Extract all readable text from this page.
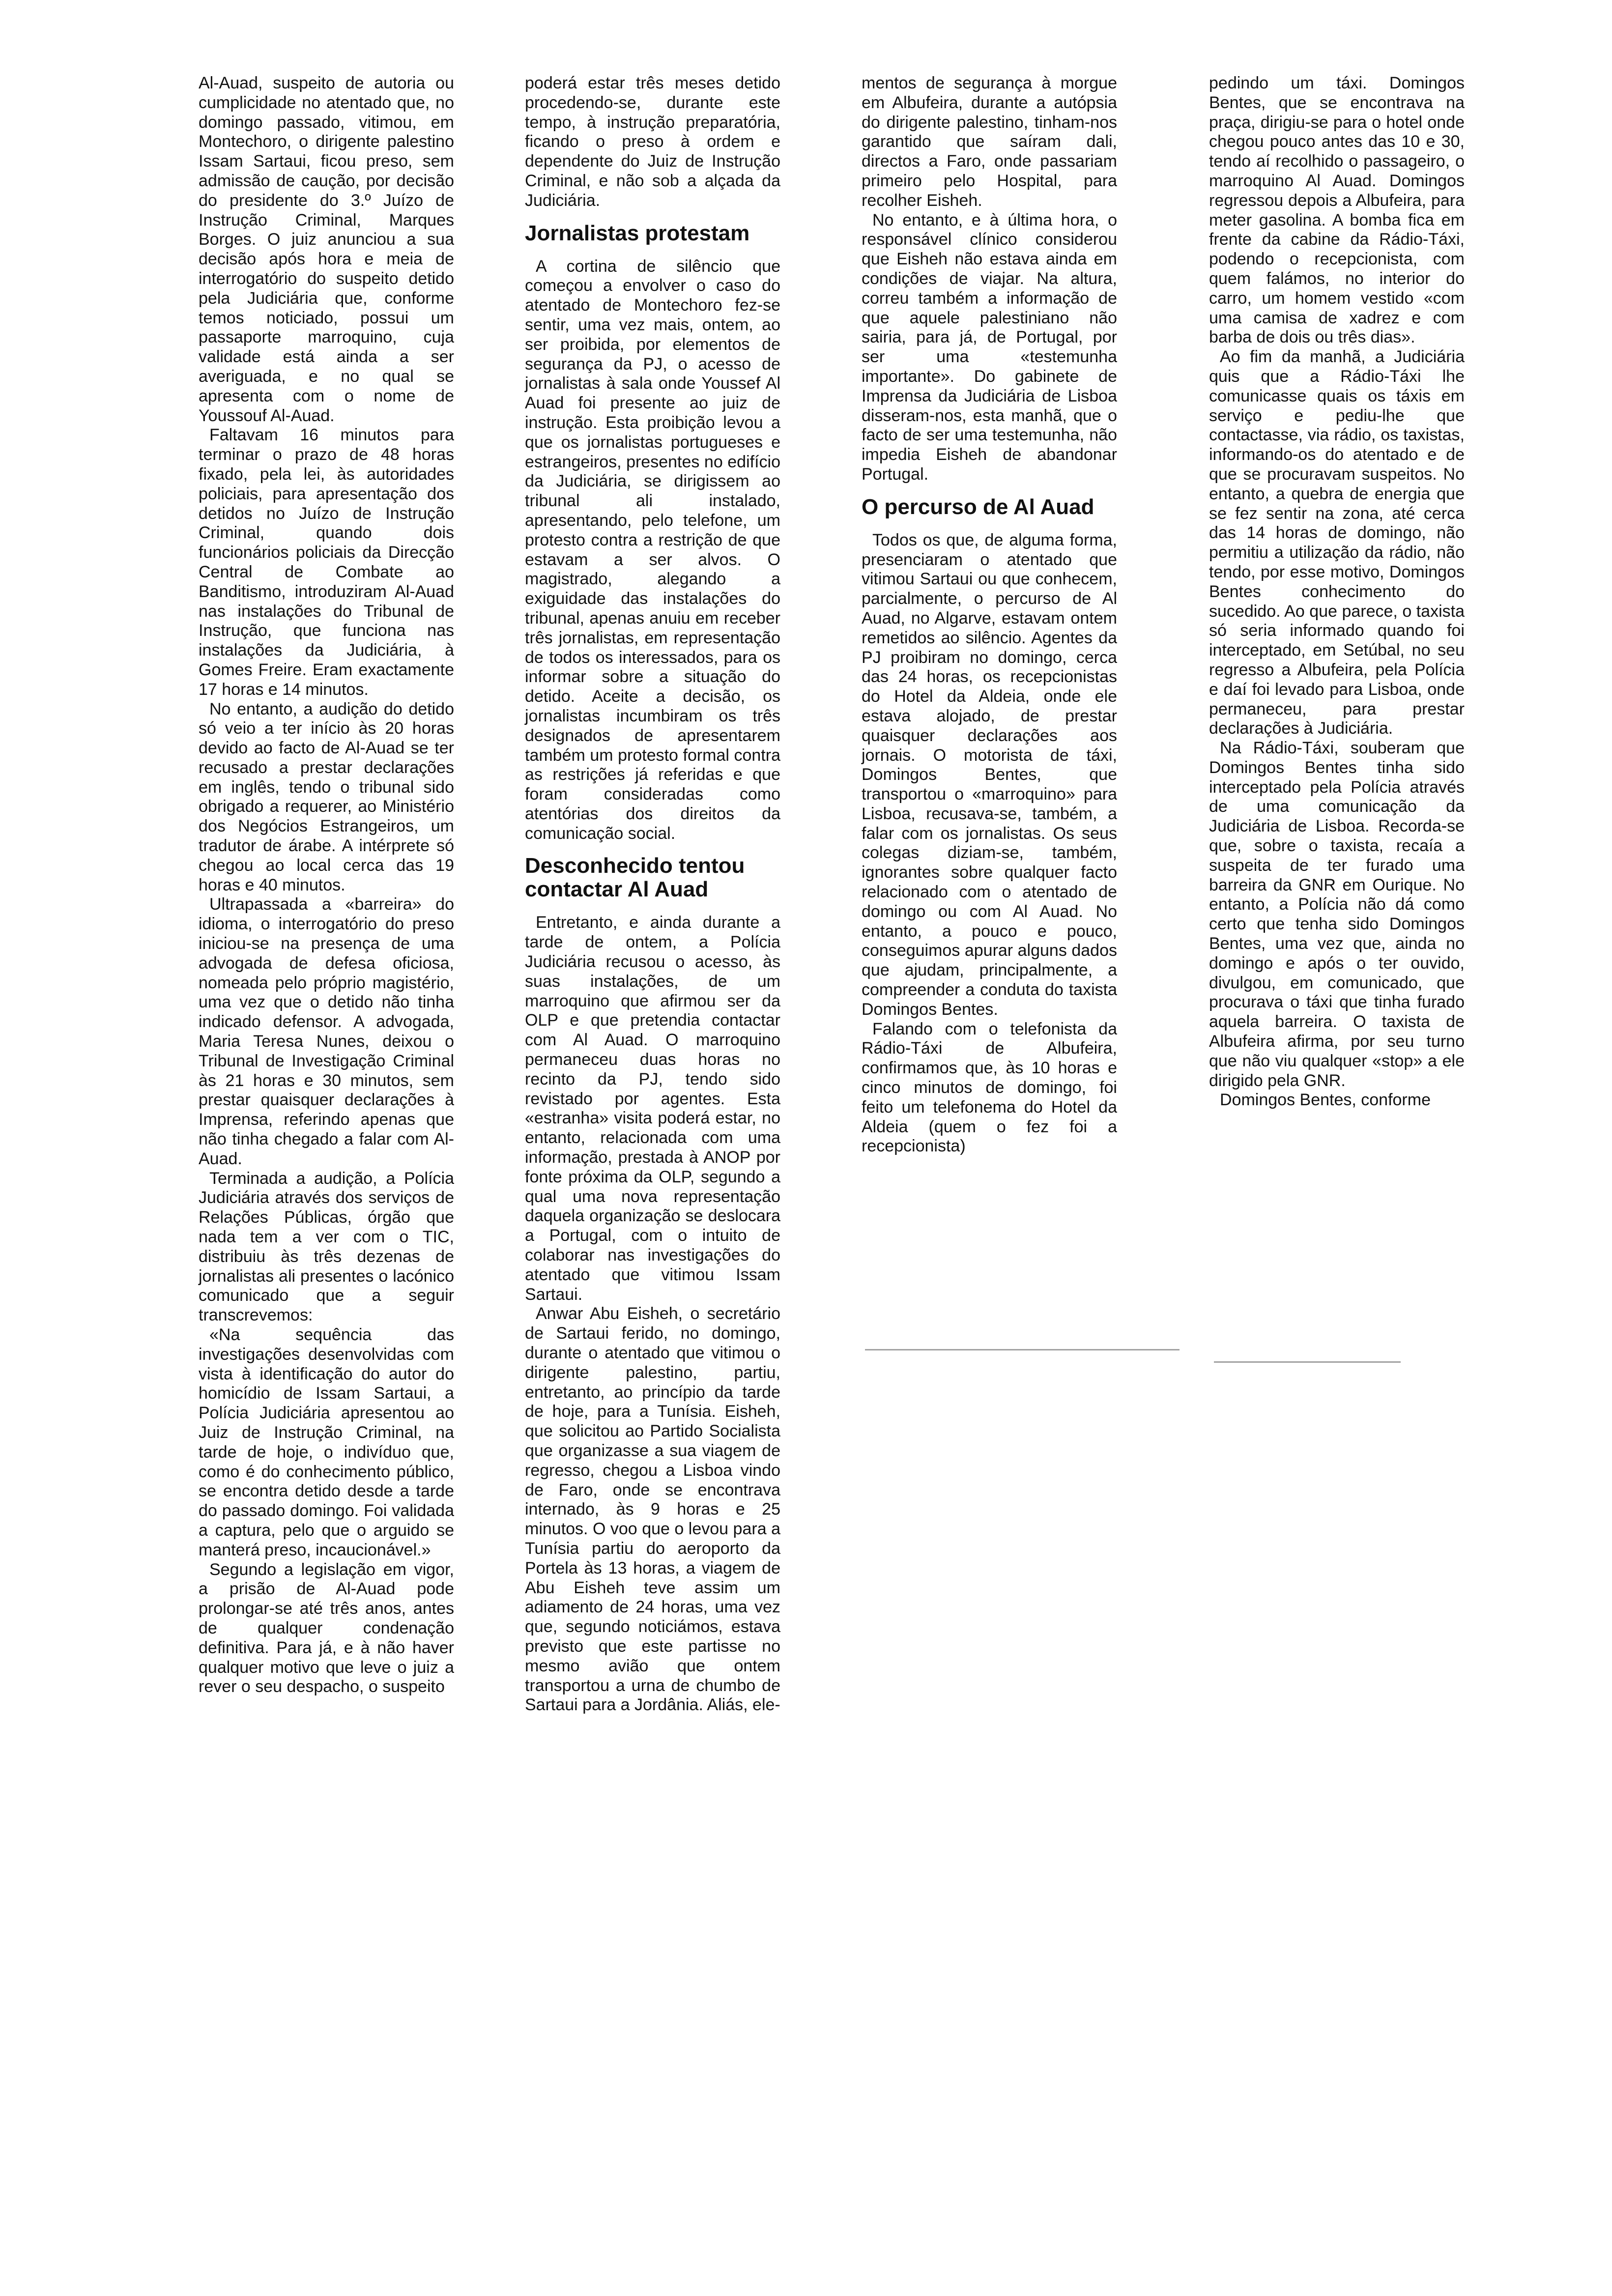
Al-Auad, suspeito de autoria ou cumplicidade no atentado que, no domingo passado, vitimou, em Montechoro, o dirigente palestino Issam Sartaui, ficou preso, sem admissão de caução, por decisão do presidente do 3.º Juízo de Instrução Criminal, Marques Borges. O juiz anunciou a sua decisão após hora e meia de interrogatório do suspeito detido pela Judiciária que, conforme temos noticiado, possui um passaporte marroquino, cuja validade está ainda a ser averiguada, e no qual se apresenta com o nome de Youssouf Al-Auad.

Faltavam 16 minutos para terminar o prazo de 48 horas fixado, pela lei, às autoridades policiais, para apresentação dos detidos no Juízo de Instrução Criminal, quando dois funcionários policiais da Direcção Central de Combate ao Banditismo, introduziram Al-Auad nas instalações do Tribunal de Instrução, que funciona nas instalações da Judiciária, à Gomes Freire. Eram exactamente 17 horas e 14 minutos.

No entanto, a audição do detido só veio a ter início às 20 horas devido ao facto de Al-Auad se ter recusado a prestar declarações em inglês, tendo o tribunal sido obrigado a requerer, ao Ministério dos Negócios Estrangeiros, um tradutor de árabe. A intérprete só chegou ao local cerca das 19 horas e 40 minutos.

Ultrapassada a «barreira» do idioma, o interrogatório do preso iniciou-se na presença de uma advogada de defesa oficiosa, nomeada pelo próprio magistério, uma vez que o detido não tinha indicado defensor. A advogada, Maria Teresa Nunes, deixou o Tribunal de Investigação Criminal às 21 horas e 30 minutos, sem prestar quaisquer declarações à Imprensa, referindo apenas que não tinha chegado a falar com Al-Auad.

Terminada a audição, a Polícia Judiciária através dos serviços de Relações Públicas, órgão que nada tem a ver com o TIC, distribuiu às três dezenas de jornalistas ali presentes o lacónico comunicado que a seguir transcrevemos:

«Na sequência das investigações desenvolvidas com vista à identificação do autor do homicídio de Issam Sartaui, a Polícia Judiciária apresentou ao Juiz de Instrução Criminal, na tarde de hoje, o indivíduo que, como é do conhecimento público, se encontra detido desde a tarde do passado domingo. Foi validada a captura, pelo que o arguido se manterá preso, incaucionável.»

Segundo a legislação em vigor, a prisão de Al-Auad pode prolongar-se até três anos, antes de qualquer condenação definitiva. Para já, e à não haver qualquer motivo que leve o juiz a rever o seu despacho, o suspeito

poderá estar três meses detido procedendo-se, durante este tempo, à instrução preparatória, ficando o preso à ordem e dependente do Juiz de Instrução Criminal, e não sob a alçada da Judiciária.

Jornalistas protestam

A cortina de silêncio que começou a envolver o caso do atentado de Montechoro fez-se sentir, uma vez mais, ontem, ao ser proibida, por elementos de segurança da PJ, o acesso de jornalistas à sala onde Youssef Al Auad foi presente ao juiz de instrução. Esta proibição levou a que os jornalistas portugueses e estrangeiros, presentes no edifício da Judiciária, se dirigissem ao tribunal ali instalado, apresentando, pelo telefone, um protesto contra a restrição de que estavam a ser alvos. O magistrado, alegando a exiguidade das instalações do tribunal, apenas anuiu em receber três jornalistas, em representação de todos os interessados, para os informar sobre a situação do detido. Aceite a decisão, os jornalistas incumbiram os três designados de apresentarem também um protesto formal contra as restrições já referidas e que foram consideradas como atentórias dos direitos da comunicação social.

Desconhecido tentou contactar Al Auad

Entretanto, e ainda durante a tarde de ontem, a Polícia Judiciária recusou o acesso, às suas instalações, de um marroquino que afirmou ser da OLP e que pretendia contactar com Al Auad. O marroquino permaneceu duas horas no recinto da PJ, tendo sido revistado por agentes. Esta «estranha» visita poderá estar, no entanto, relacionada com uma informação, prestada à ANOP por fonte próxima da OLP, segundo a qual uma nova representação daquela organização se deslocara a Portugal, com o intuito de colaborar nas investigações do atentado que vitimou Issam Sartaui.

Anwar Abu Eisheh, o secretário de Sartaui ferido, no domingo, durante o atentado que vitimou o dirigente palestino, partiu, entretanto, ao princípio da tarde de hoje, para a Tunísia. Eisheh, que solicitou ao Partido Socialista que organizasse a sua viagem de regresso, chegou a Lisboa vindo de Faro, onde se encontrava internado, às 9 horas e 25 minutos. O voo que o levou para a Tunísia partiu do aeroporto da Portela às 13 horas, a viagem de Abu Eisheh teve assim um adiamento de 24 horas, uma vez que, segundo noticiámos, estava previsto que este partisse no mesmo avião que ontem transportou a urna de chumbo de Sartaui para a Jordânia. Aliás, ele-

mentos de segurança à morgue em Albufeira, durante a autópsia do dirigente palestino, tinham-nos garantido que saíram dali, directos a Faro, onde passariam primeiro pelo Hospital, para recolher Eisheh.

No entanto, e à última hora, o responsável clínico considerou que Eisheh não estava ainda em condições de viajar. Na altura, correu também a informação de que aquele palestiniano não sairia, para já, de Portugal, por ser uma «testemunha importante». Do gabinete de Imprensa da Judiciária de Lisboa disseram-nos, esta manhã, que o facto de ser uma testemunha, não impedia Eisheh de abandonar Portugal.

O percurso de Al Auad

Todos os que, de alguma forma, presenciaram o atentado que vitimou Sartaui ou que conhecem, parcialmente, o percurso de Al Auad, no Algarve, estavam ontem remetidos ao silêncio. Agentes da PJ proibiram no domingo, cerca das 24 horas, os recepcionistas do Hotel da Aldeia, onde ele estava alojado, de prestar quaisquer declarações aos jornais. O motorista de táxi, Domingos Bentes, que transportou o «marroquino» para Lisboa, recusava-se, também, a falar com os jornalistas. Os seus colegas diziam-se, também, ignorantes sobre qualquer facto relacionado com o atentado de domingo ou com Al Auad. No entanto, a pouco e pouco, conseguimos apurar alguns dados que ajudam, principalmente, a compreender a conduta do taxista Domingos Bentes.

Falando com o telefonista da Rádio-Táxi de Albufeira, confirmamos que, às 10 horas e cinco minutos de domingo, foi feito um telefonema do Hotel da Aldeia (quem o fez foi a recepcionista)

pedindo um táxi. Domingos Bentes, que se encontrava na praça, dirigiu-se para o hotel onde chegou pouco antes das 10 e 30, tendo aí recolhido o passageiro, o marroquino Al Auad. Domingos regressou depois a Albufeira, para meter gasolina. A bomba fica em frente da cabine da Rádio-Táxi, podendo o recepcionista, com quem falámos, no interior do carro, um homem vestido «com uma camisa de xadrez e com barba de dois ou três dias».

Ao fim da manhã, a Judiciária quis que a Rádio-Táxi lhe comunicasse quais os táxis em serviço e pediu-lhe que contactasse, via rádio, os taxistas, informando-os do atentado e de que se procuravam suspeitos. No entanto, a quebra de energia que se fez sentir na zona, até cerca das 14 horas de domingo, não permitiu a utilização da rádio, não tendo, por esse motivo, Domingos Bentes conhecimento do sucedido. Ao que parece, o taxista só seria informado quando foi interceptado, em Setúbal, no seu regresso a Albufeira, pela Polícia e daí foi levado para Lisboa, onde permaneceu, para prestar declarações à Judiciária.

Na Rádio-Táxi, souberam que Domingos Bentes tinha sido interceptado pela Polícia através de uma comunicação da Judiciária de Lisboa. Recorda-se que, sobre o taxista, recaía a suspeita de ter furado uma barreira da GNR em Ourique. No entanto, a Polícia não dá como certo que tenha sido Domingos Bentes, uma vez que, ainda no domingo e após o ter ouvido, divulgou, em comunicado, que procurava o táxi que tinha furado aquela barreira. O taxista de Albufeira afirma, por seu turno que não viu qualquer «stop» a ele dirigido pela GNR.

Domingos Bentes, conforme
